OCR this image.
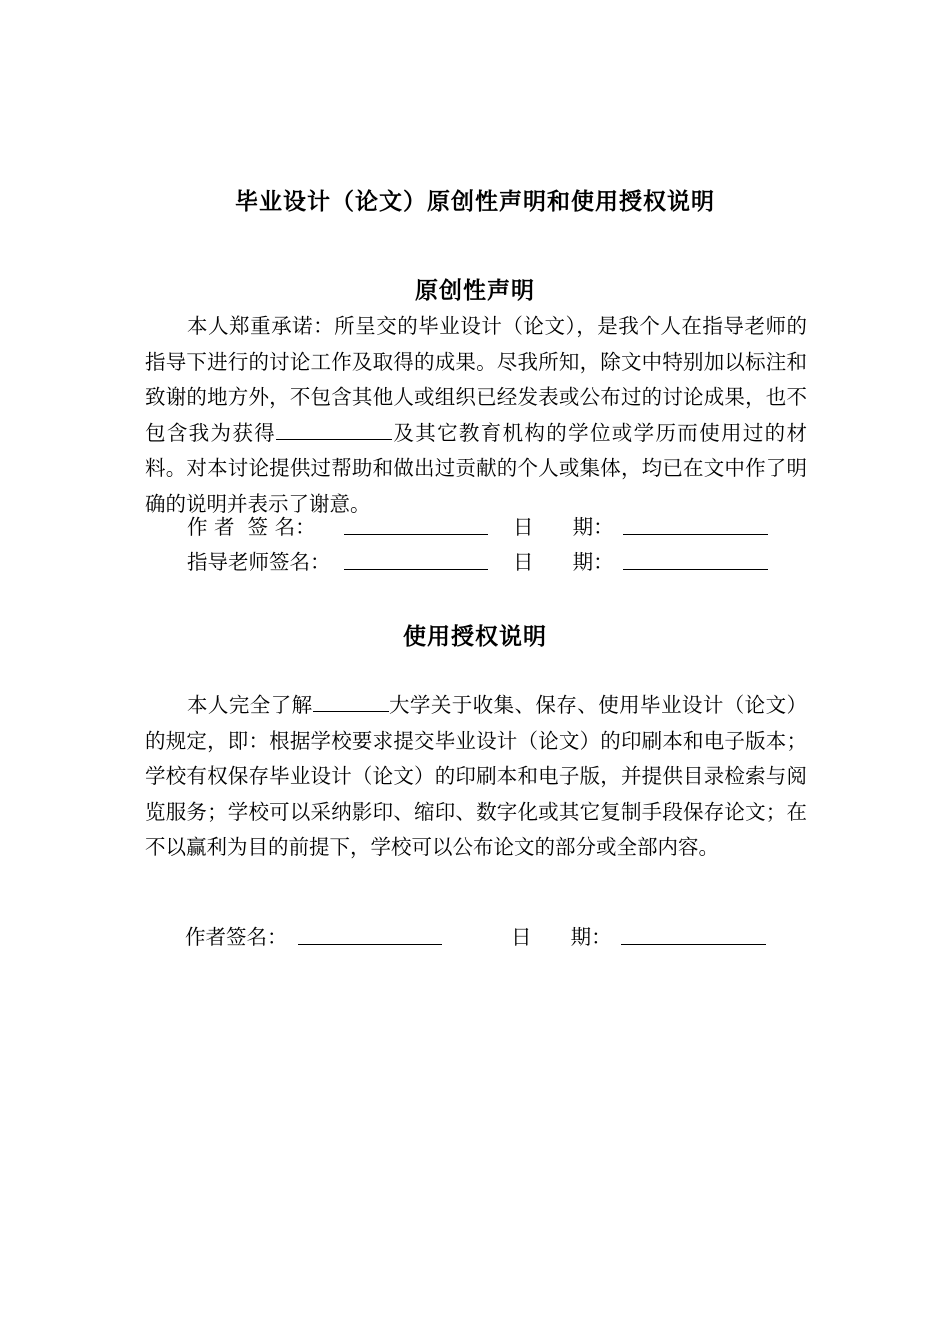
毕业设计（论文）原创性声明和使用授权说明
原创性声明

本人郑重承诺：所呈交的毕业设计（论文），是我个人在指导老师的指导下进行的讨论工作及取得的成果。尽我所知，除文中特别加以标注和致谢的地方外，不包含其他人或组织已经发表或公布过的讨论成果，也不包含我为获得	及其它教育机构的学位或学历而使用过的材料。对本讨论提供过帮助和做出过贡献的个人或集体，均已在文中作了明确的说明并表示了谢意。

作 者  签 名：	日      期：
指导老师签名：	日      期：
使用授权说明

本人完全了解	大学关于收集、保存、使用毕业设计（论文）的规定，即：根据学校要求提交毕业设计（论文）的印刷本和电子版本；学校有权保存毕业设计（论文）的印刷本和电子版，并提供目录检索与阅览服务；学校可以采纳影印、缩印、数字化或其它复制手段保存论文；在不以赢利为目的前提下，学校可以公布论文的部分或全部内容。

作者签名：	日      期：
